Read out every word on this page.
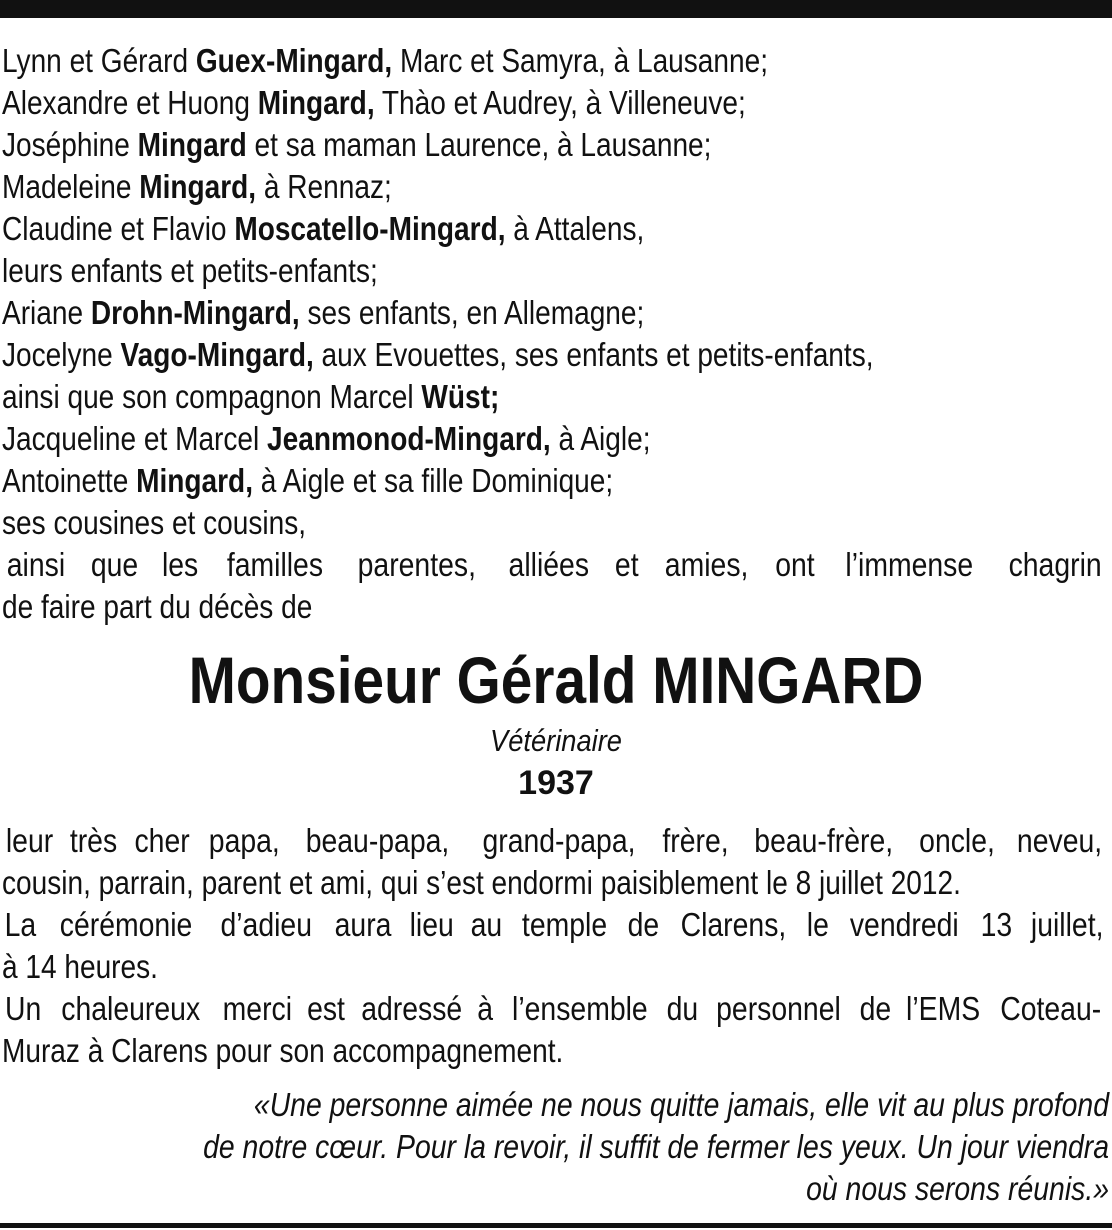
Lynn et Gérard Guex-Mingard, Marc et Samyra, à Lausanne;
Alexandre et Huong Mingard, Thào et Audrey, à Villeneuve;
Joséphine Mingard et sa maman Laurence, à Lausanne;
Madeleine Mingard, à Rennaz;
Claudine et Flavio Moscatello-Mingard, à Attalens,
leurs enfants et petits-enfants;
Ariane Drohn-Mingard, ses enfants, en Allemagne;
Jocelyne Vago-Mingard, aux Evouettes, ses enfants et petits-enfants,
ainsi que son compagnon Marcel Wüst;
Jacqueline et Marcel Jeanmonod-Mingard, à Aigle;
Antoinette Mingard, à Aigle et sa fille Dominique;
ses cousines et cousins,
ainsi que les familles parentes, alliées et amies, ont l’immense chagrin
de faire part du décès de
Monsieur Gérald MINGARD
Vétérinaire
1937
leur très cher papa, beau-papa, grand-papa, frère, beau-frère, oncle, neveu,
cousin, parrain, parent et ami, qui s’est endormi paisiblement le 8 juillet 2012.
La cérémonie d’adieu aura lieu au temple de Clarens, le vendredi 13 juillet,
à 14 heures.
Un chaleureux merci est adressé à l’ensemble du personnel de l’EMS Coteau-
Muraz à Clarens pour son accompagnement.
«Une personne aimée ne nous quitte jamais, elle vit au plus profond
de notre cœur. Pour la revoir, il suffit de fermer les yeux. Un jour viendra
où nous serons réunis.»
